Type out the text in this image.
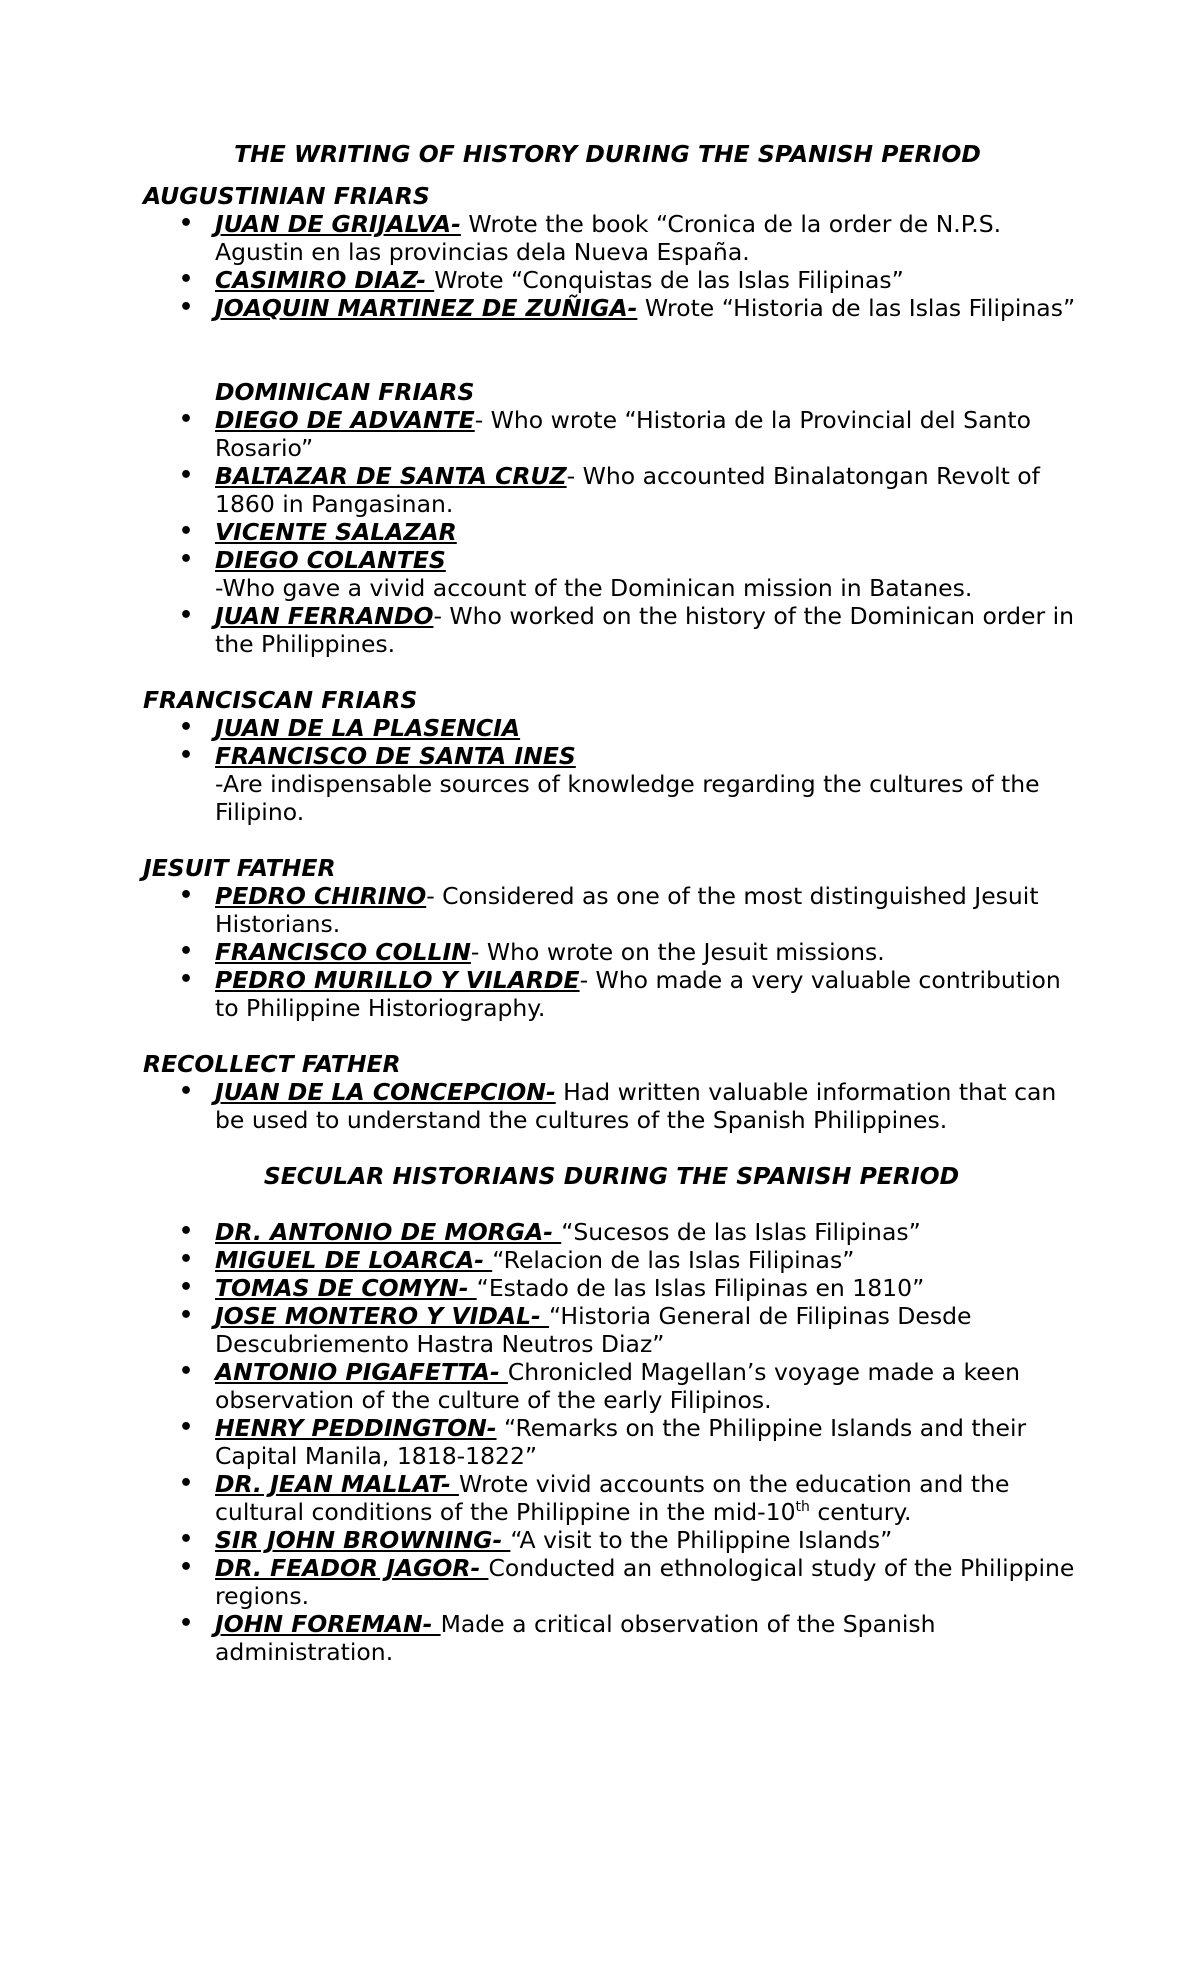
THE WRITING OF HISTORY DURING THE SPANISH PERIOD

AUGUSTINIAN FRIARS

• JUAN DE GRIJALVA- Wrote the book “Cronica de la order de N.P.S. Agustin en las provincias dela Nueva España.
• CASIMIRO DIAZ- Wrote “Conquistas de las Islas Filipinas”
• JOAQUIN MARTINEZ DE ZUÑIGA- Wrote “Historia de las Islas Filipinas”

DOMINICAN FRIARS

• DIEGO DE ADVANTE- Who wrote “Historia de la Provincial del Santo Rosario”
• BALTAZAR DE SANTA CRUZ- Who accounted Binalatongan Revolt of 1860 in Pangasinan.
• VICENTE SALAZAR
• DIEGO COLANTES
-Who gave a vivid account of the Dominican mission in Batanes.
• JUAN FERRANDO- Who worked on the history of the Dominican order in the Philippines.

FRANCISCAN FRIARS

• JUAN DE LA PLASENCIA
• FRANCISCO DE SANTA INES
-Are indispensable sources of knowledge regarding the cultures of the Filipino.

JESUIT FATHER

• PEDRO CHIRINO- Considered as one of the most distinguished Jesuit Historians.
• FRANCISCO COLLIN- Who wrote on the Jesuit missions.
• PEDRO MURILLO Y VILARDE- Who made a very valuable contribution to Philippine Historiography.

RECOLLECT FATHER

• JUAN DE LA CONCEPCION- Had written valuable information that can be used to understand the cultures of the Spanish Philippines.

SECULAR HISTORIANS DURING THE SPANISH PERIOD

• DR. ANTONIO DE MORGA- “Sucesos de las Islas Filipinas”
• MIGUEL DE LOARCA- “Relacion de las Islas Filipinas”
• TOMAS DE COMYN- “Estado de las Islas Filipinas en 1810”
• JOSE MONTERO Y VIDAL- “Historia General de Filipinas Desde Descubriemento Hastra Neutros Diaz”
• ANTONIO PIGAFETTA- Chronicled Magellan’s voyage made a keen observation of the culture of the early Filipinos.
• HENRY PEDDINGTON- “Remarks on the Philippine Islands and their Capital Manila, 1818-1822”
• DR. JEAN MALLAT- Wrote vivid accounts on the education and the cultural conditions of the Philippine in the mid-10th century.
• SIR JOHN BROWNING- “A visit to the Philippine Islands”
• DR. FEADOR JAGOR- Conducted an ethnological study of the Philippine regions.
• JOHN FOREMAN- Made a critical observation of the Spanish administration.
